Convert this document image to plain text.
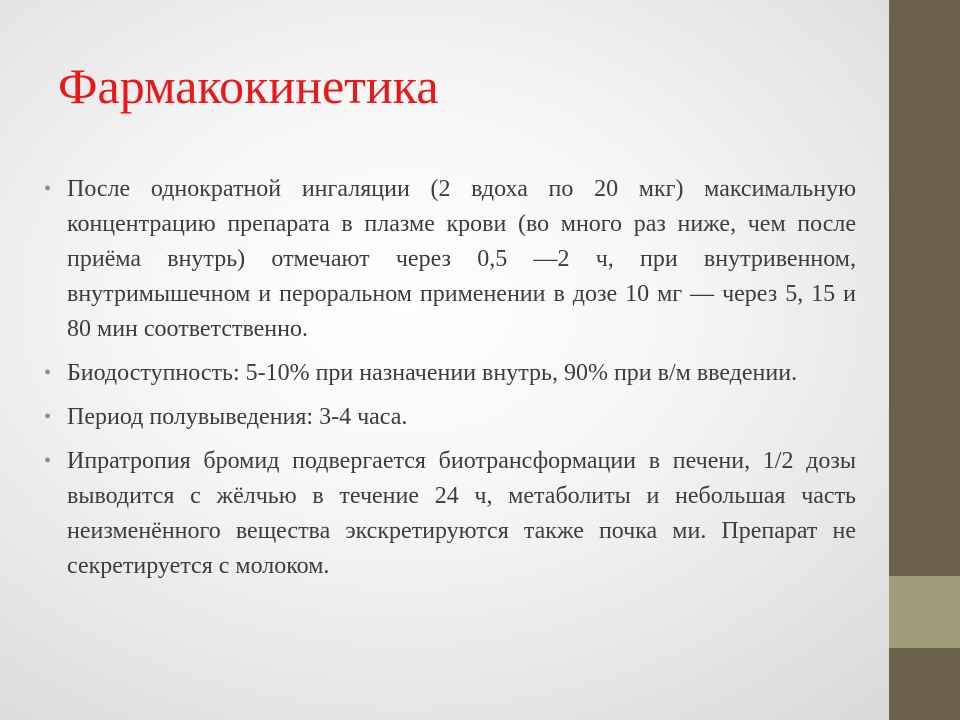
Фармакокинетика
• После однократной ингаляции (2 вдоха по 20 мкг) максимальную концентрацию препарата в плазме крови (во много раз ниже, чем после приёма внутрь) отмечают через 0,5 —2 ч, при внутривенном, внутримышечном и пероральном применении в дозе 10 мг — через 5, 15 и 80 мин соответственно.
• Биодоступность: 5-10% при назначении внутрь, 90% при в/м введении.
• Период полувыведения: 3-4 часа.
• Ипратропия бромид подвергается биотрансформации в печени, 1/2 дозы выводится с жёлчью в течение 24 ч, метаболиты и небольшая часть неизменённого вещества экскретируются также почка ми. Препарат не секретируется с молоком.
